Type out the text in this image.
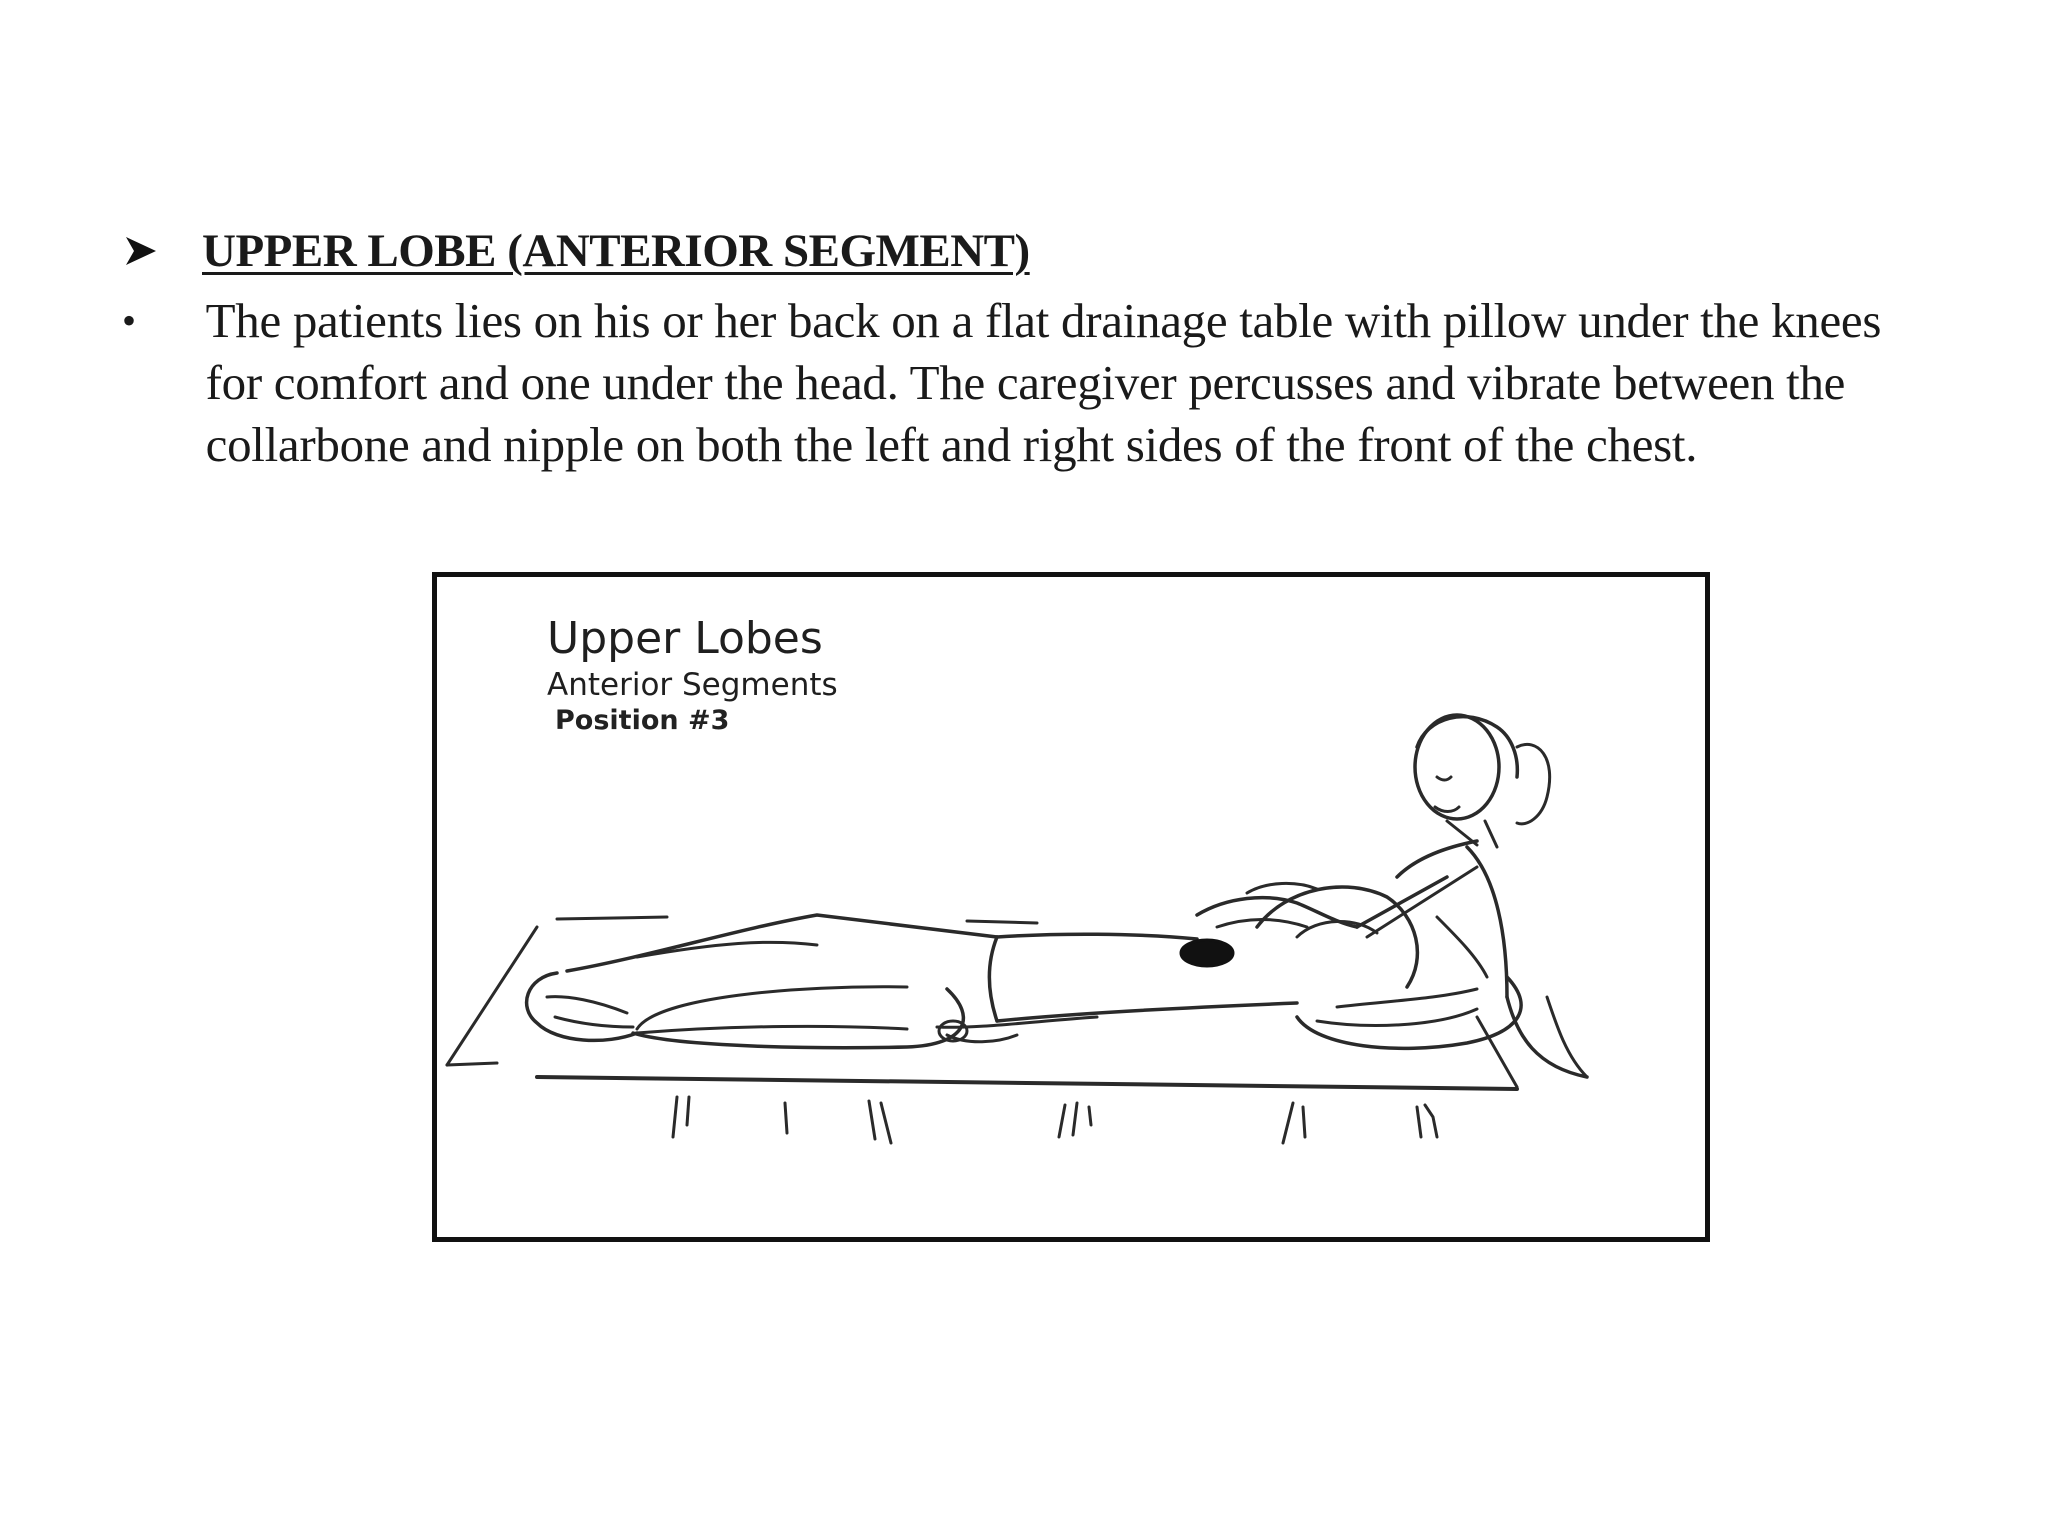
UPPER LOBE (ANTERIOR SEGMENT)
•	The patients lies on his or her back on a flat drainage table with pillow under the knees for comfort and one under the head. The caregiver percusses and vibrate between the collarbone and nipple on both the left and right sides of the front of the chest.
Upper Lobes
Anterior Segments
Position #3
